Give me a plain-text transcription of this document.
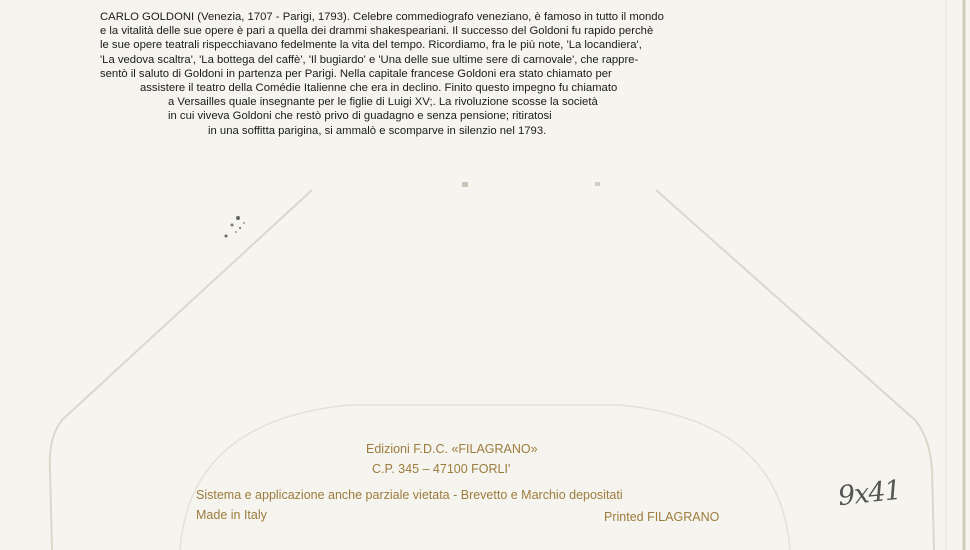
CARLO GOLDONI (Venezia, 1707 - Parigi, 1793). Celebre commediografo veneziano, è famoso in tutto il mondo
e la vitalità delle sue opere è pari a quella dei drammi shakespeariani. Il successo del Goldoni fu rapido perchè
le sue opere teatrali rispecchiavano fedelmente la vita del tempo. Ricordiamo, fra le più note, 'La locandiera',
'La vedova scaltra', 'La bottega del caffè', 'Il bugiardo' e 'Una delle sue ultime sere di carnovale', che rappre-
sentò il saluto di Goldoni in partenza per Parigi. Nella capitale francese Goldoni era stato chiamato per
assistere il teatro della Comédie Italienne che era in declino. Finito questo impegno fu chiamato
a Versailles quale insegnante per le figlie di Luigi XV;. La rivoluzione scosse la società
in cui viveva Goldoni che restò privo di guadagno e senza pensione; ritiratosi
in una soffitta parigina, si ammalò e scomparve in silenzio nel 1793.
Edizioni F.D.C. «FILAGRANO»
C.P. 345 – 47100 FORLI'
Sistema e applicazione anche parziale vietata - Brevetto e Marchio depositati
Made in Italy	Printed FILAGRANO
9x41
